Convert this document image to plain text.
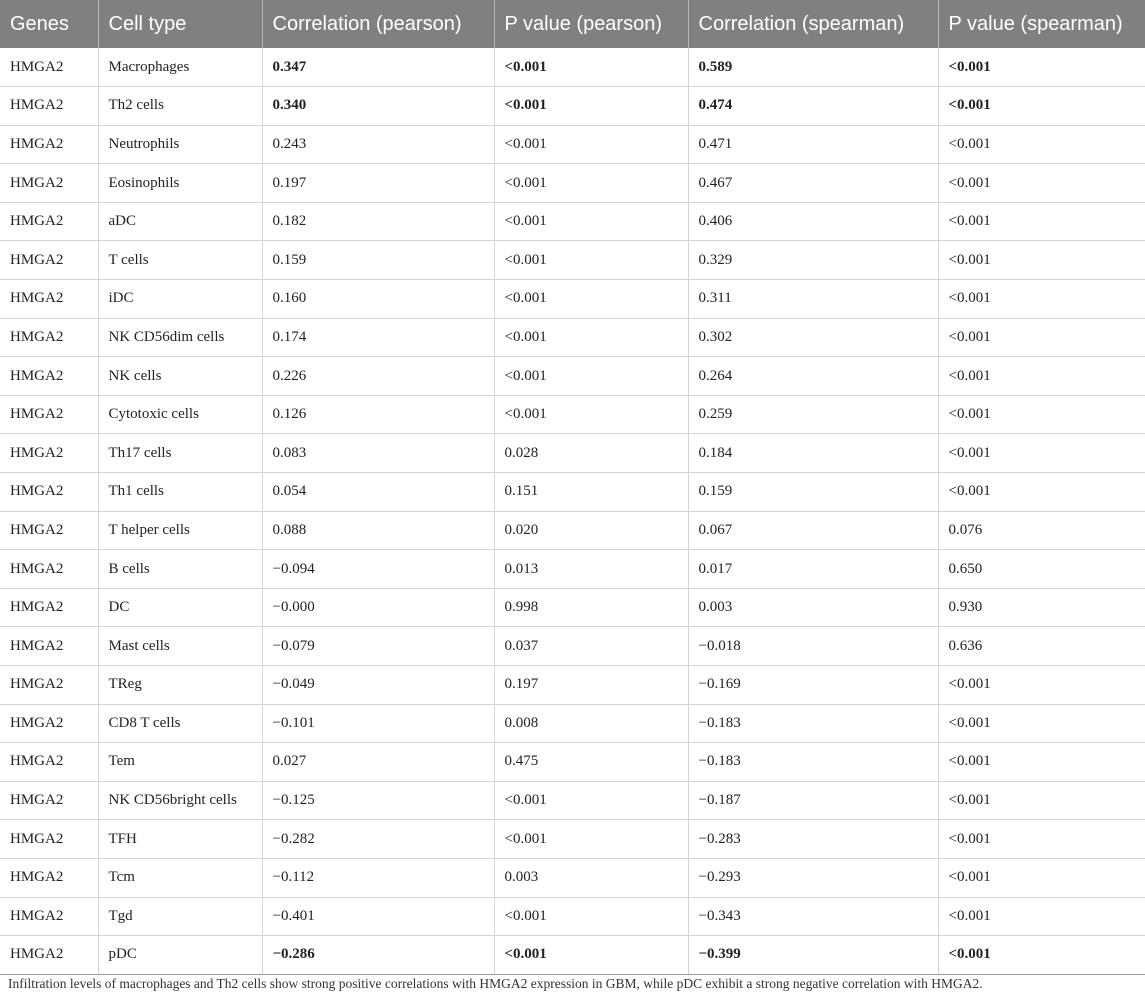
Genes	Cell type	Correlation (pearson)	P value (pearson)	Correlation (spearman)	P value (spearman)
HMGA2	Macrophages	0.347	<0.001	0.589	<0.001
HMGA2	Th2 cells	0.340	<0.001	0.474	<0.001
HMGA2	Neutrophils	0.243	<0.001	0.471	<0.001
HMGA2	Eosinophils	0.197	<0.001	0.467	<0.001
HMGA2	aDC	0.182	<0.001	0.406	<0.001
HMGA2	T cells	0.159	<0.001	0.329	<0.001
HMGA2	iDC	0.160	<0.001	0.311	<0.001
HMGA2	NK CD56dim cells	0.174	<0.001	0.302	<0.001
HMGA2	NK cells	0.226	<0.001	0.264	<0.001
HMGA2	Cytotoxic cells	0.126	<0.001	0.259	<0.001
HMGA2	Th17 cells	0.083	0.028	0.184	<0.001
HMGA2	Th1 cells	0.054	0.151	0.159	<0.001
HMGA2	T helper cells	0.088	0.020	0.067	0.076
HMGA2	B cells	−0.094	0.013	0.017	0.650
HMGA2	DC	−0.000	0.998	0.003	0.930
HMGA2	Mast cells	−0.079	0.037	−0.018	0.636
HMGA2	TReg	−0.049	0.197	−0.169	<0.001
HMGA2	CD8 T cells	−0.101	0.008	−0.183	<0.001
HMGA2	Tem	0.027	0.475	−0.183	<0.001
HMGA2	NK CD56bright cells	−0.125	<0.001	−0.187	<0.001
HMGA2	TFH	−0.282	<0.001	−0.283	<0.001
HMGA2	Tcm	−0.112	0.003	−0.293	<0.001
HMGA2	Tgd	−0.401	<0.001	−0.343	<0.001
HMGA2	pDC	−0.286	<0.001	−0.399	<0.001
Infiltration levels of macrophages and Th2 cells show strong positive correlations with HMGA2 expression in GBM, while pDC exhibit a strong negative correlation with HMGA2.
